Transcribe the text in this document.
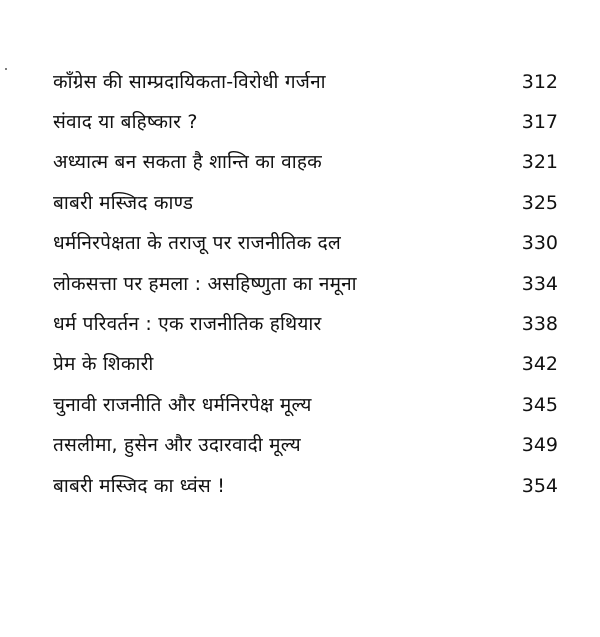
काँग्रेस की साम्प्रदायिकता-विरोधी गर्जना	312
संवाद या बहिष्कार ?	317
अध्यात्म बन सकता है शान्ति का वाहक	321
बाबरी मस्जिद काण्ड	325
धर्मनिरपेक्षता के तराजू पर राजनीतिक दल	330
लोकसत्ता पर हमला : असहिष्णुता का नमूना	334
धर्म परिवर्तन : एक राजनीतिक हथियार	338
प्रेम के शिकारी	342
चुनावी राजनीति और धर्मनिरपेक्ष मूल्य	345
तसलीमा, हुसेन और उदारवादी मूल्य	349
बाबरी मस्जिद का ध्वंस !	354
